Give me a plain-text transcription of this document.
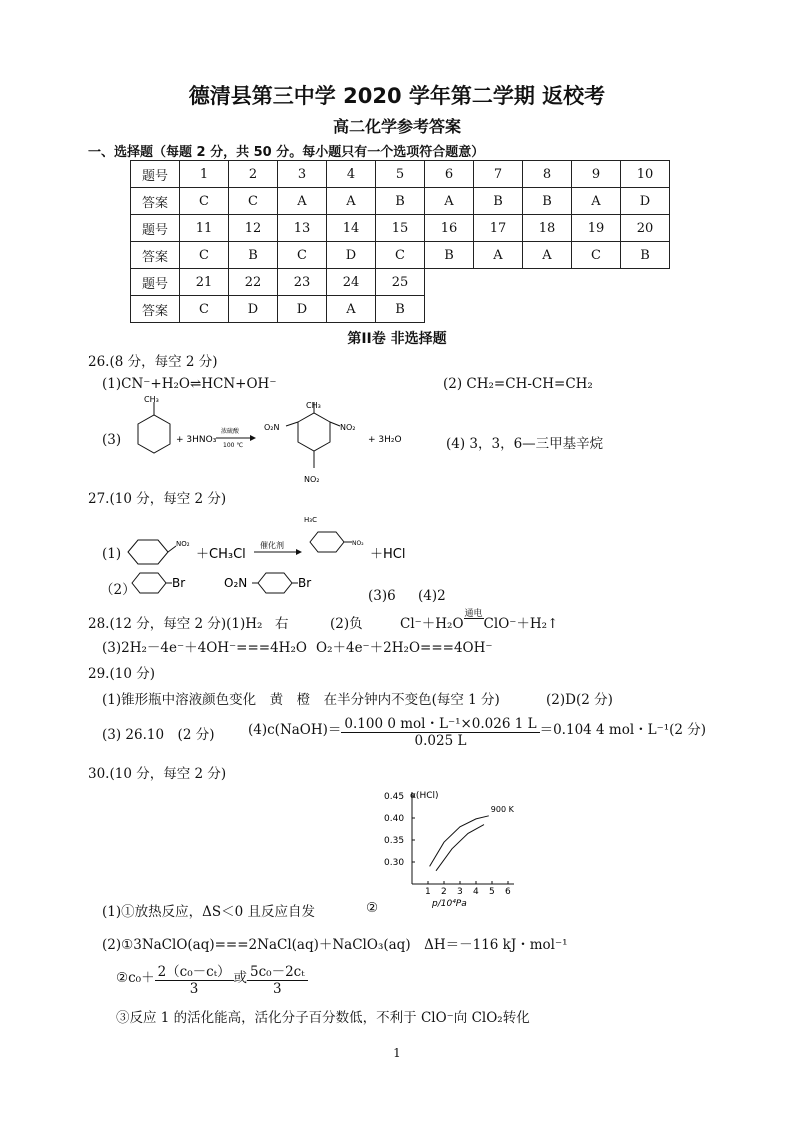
德清县第三中学 2020 学年第二学期 返校考
高二化学参考答案
一、选择题（每题 2 分，共 50 分。每小题只有一个选项符合题意）
题号	1	2	3	4	5	6	7	8	9	10
答案	C	C	A	A	B	A	B	B	A	D
题号	11	12	13	14	15	16	17	18	19	20
答案	C	B	C	D	C	B	A	A	C	B
题号	21	22	23	24	25					
答案	C	D	D	A	B					
第II卷 非选择题
26.(8 分，每空 2 分)
(1)CN⁻+H₂O⇌HCN+OH⁻	(2) CH₂=CH-CH=CH₂
(3)
CH₃
+ 3HNO₃
浓硫酸
100 ℃
CH₃
O₂N	NO₂
NO₂
+ 3H₂O	(4) 3，3，6—三甲基辛烷
27.(10 分，每空 2 分)
(1)
NO₂
＋CH₃Cl
催化剂
H₃C
NO₂
＋HCl
（2）	Br	O₂N	Br
(3)6 (4)2
28.(12 分，每空 2 分)(1)H₂ 右	(2)负	Cl⁻＋H₂O通电ClO⁻＋H₂↑
(3)2H₂－4e⁻＋4OH⁻===4H₂O O₂＋4e⁻＋2H₂O===4OH⁻
29.(10 分)
(1)锥形瓶中溶液颜色变化　黄　橙　在半分钟内不变色(每空 1 分)	(2)D(2 分)
(3) 26.10　(2 分) (4)c(NaOH)＝ $\frac{\text{0.100 0 mol・L⁻¹×0.026 1 L}}{0.025 L} =0.104$ 4 mol・L⁻¹(2 分)
30.(10 分，每空 2 分)
0.45
0.40
0.35
0.30
1 2 3 4 5 6
α(HCl)
p/10⁴Pa
900 K
(1)①放热反应，ΔS＜0 且反应自发	②
(2)①3NaClO(aq)===2NaCl(aq)＋NaClO₃(aq)　ΔH＝－116 kJ・mol⁻¹
②c₀＋ $\frac{\text{2（c₀－cₜ）}}{3}$ 或 $\frac{\text{5c₀－2cₜ}}{3}$
③反应 1 的活化能高，活化分子百分数低，不利于 ClO⁻向 ClO₂转化
1
